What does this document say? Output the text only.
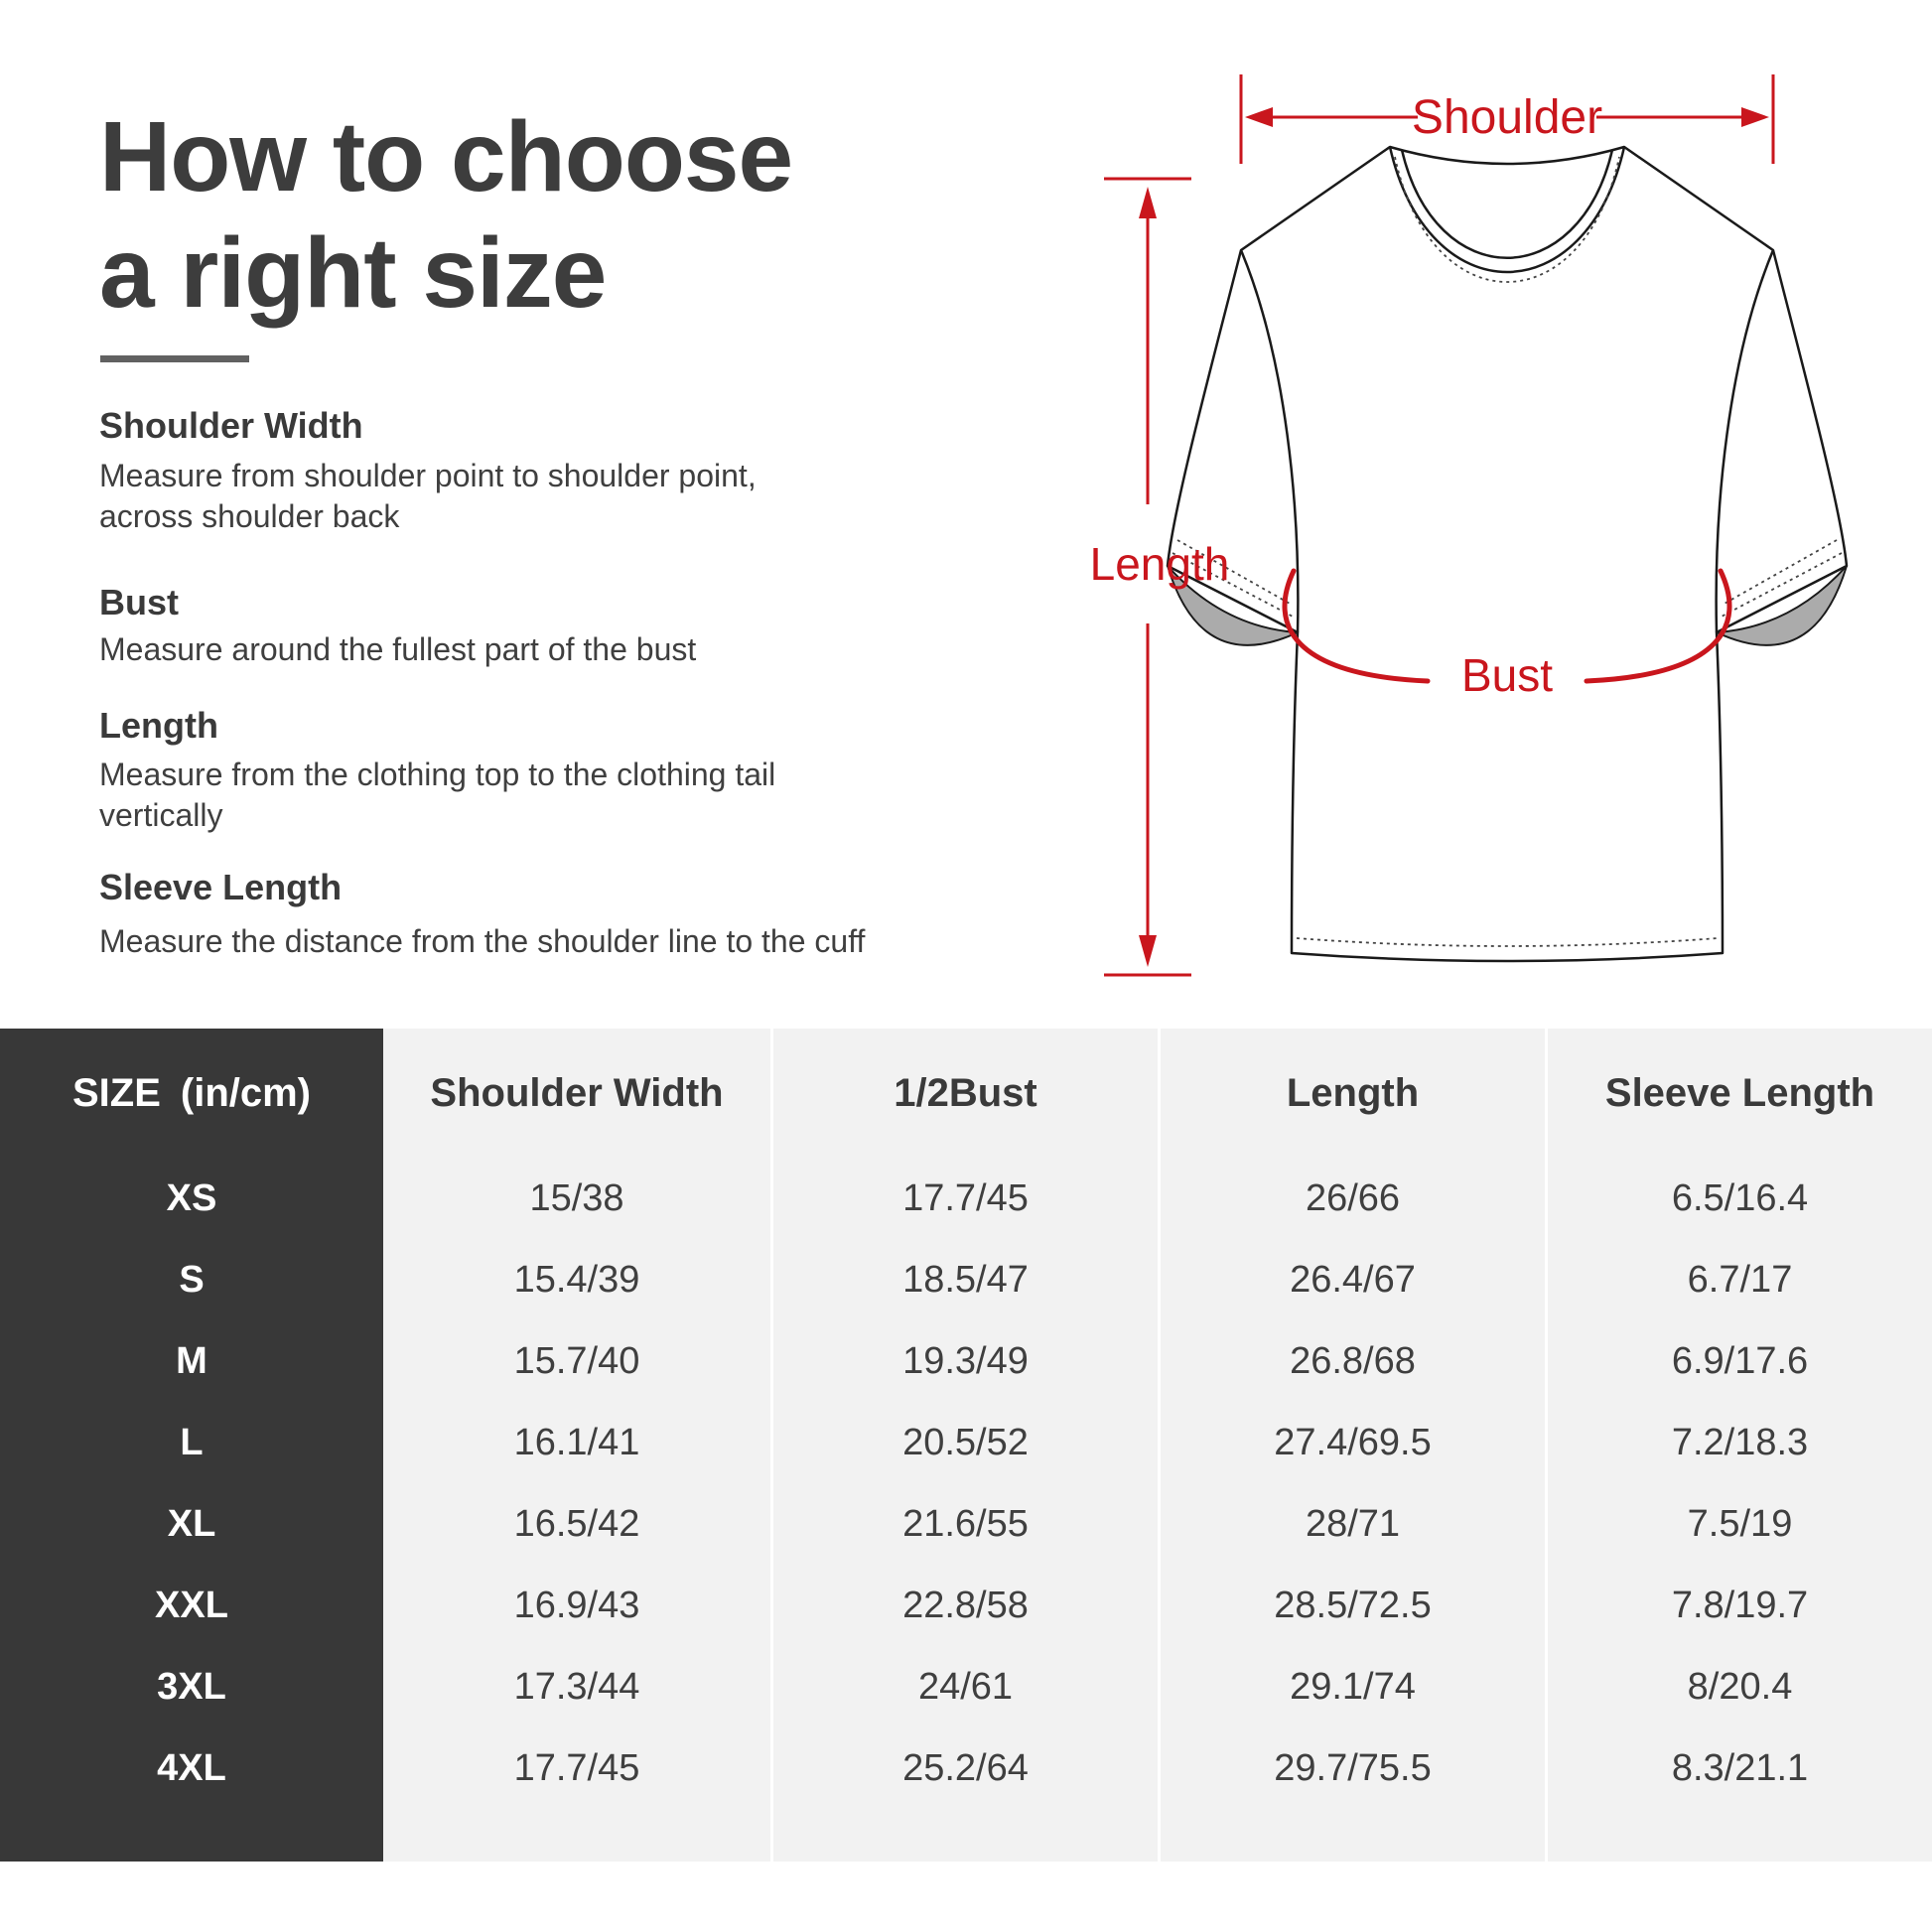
How to choose
a right size
Shoulder Width
Measure from shoulder point to shoulder point,
across shoulder back
Bust
Measure around the fullest part of the bust
Length
Measure from the clothing top to the clothing tail
vertically
Sleeve Length
Measure the distance from the shoulder line to the cuff
Shoulder
Length
Bust
SIZE (in/cm)
XS
S
M
L
XL
XXL
3XL
4XL
Shoulder Width
15/38
15.4/39
15.7/40
16.1/41
16.5/42
16.9/43
17.3/44
17.7/45
1/2Bust
17.7/45
18.5/47
19.3/49
20.5/52
21.6/55
22.8/58
24/61
25.2/64
Length
26/66
26.4/67
26.8/68
27.4/69.5
28/71
28.5/72.5
29.1/74
29.7/75.5
Sleeve Length
6.5/16.4
6.7/17
6.9/17.6
7.2/18.3
7.5/19
7.8/19.7
8/20.4
8.3/21.1
